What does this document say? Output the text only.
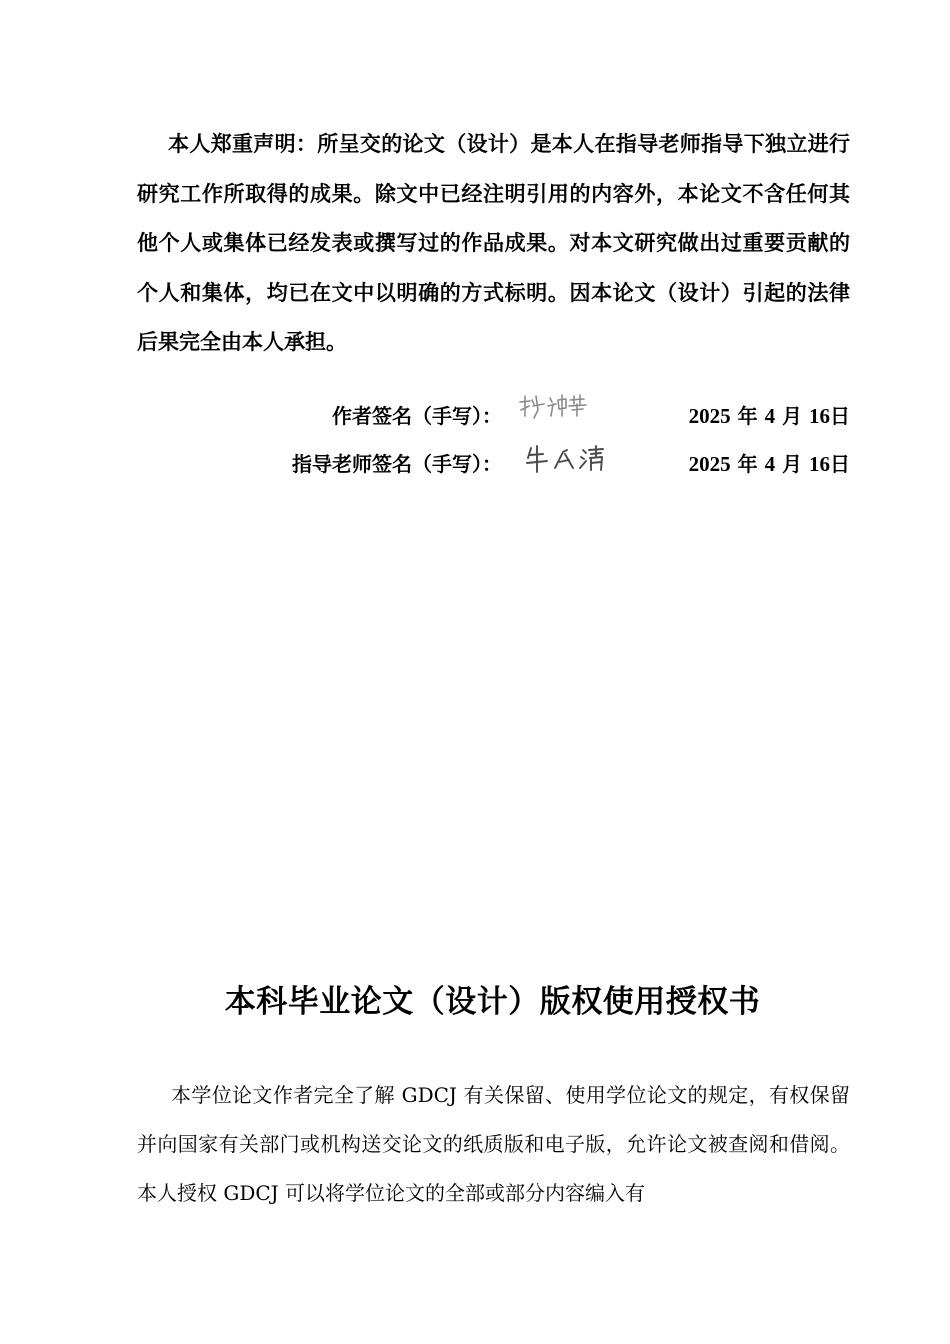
本人郑重声明：所呈交的论文（设计）是本人在指导老师指导下独立进行研究工作所取得的成果。除文中已经注明引用的内容外，本论文不含任何其他个人或集体已经发表或撰写过的作品成果。对本文研究做出过重要贡献的个人和集体，均已在文中以明确的方式标明。因本论文（设计）引起的法律后果完全由本人承担。

作者签名（手写）：	2025 年 4 月 16日
指导老师签名（手写）：	2025 年 4 月 16日
本科毕业论文（设计）版权使用授权书

本学位论文作者完全了解 GDCJ 有关保留、使用学位论文的规定，有权保留并向国家有关部门或机构送交论文的纸质版和电子版，允许论文被查阅和借阅。本人授权 GDCJ 可以将学位论文的全部或部分内容编入有
